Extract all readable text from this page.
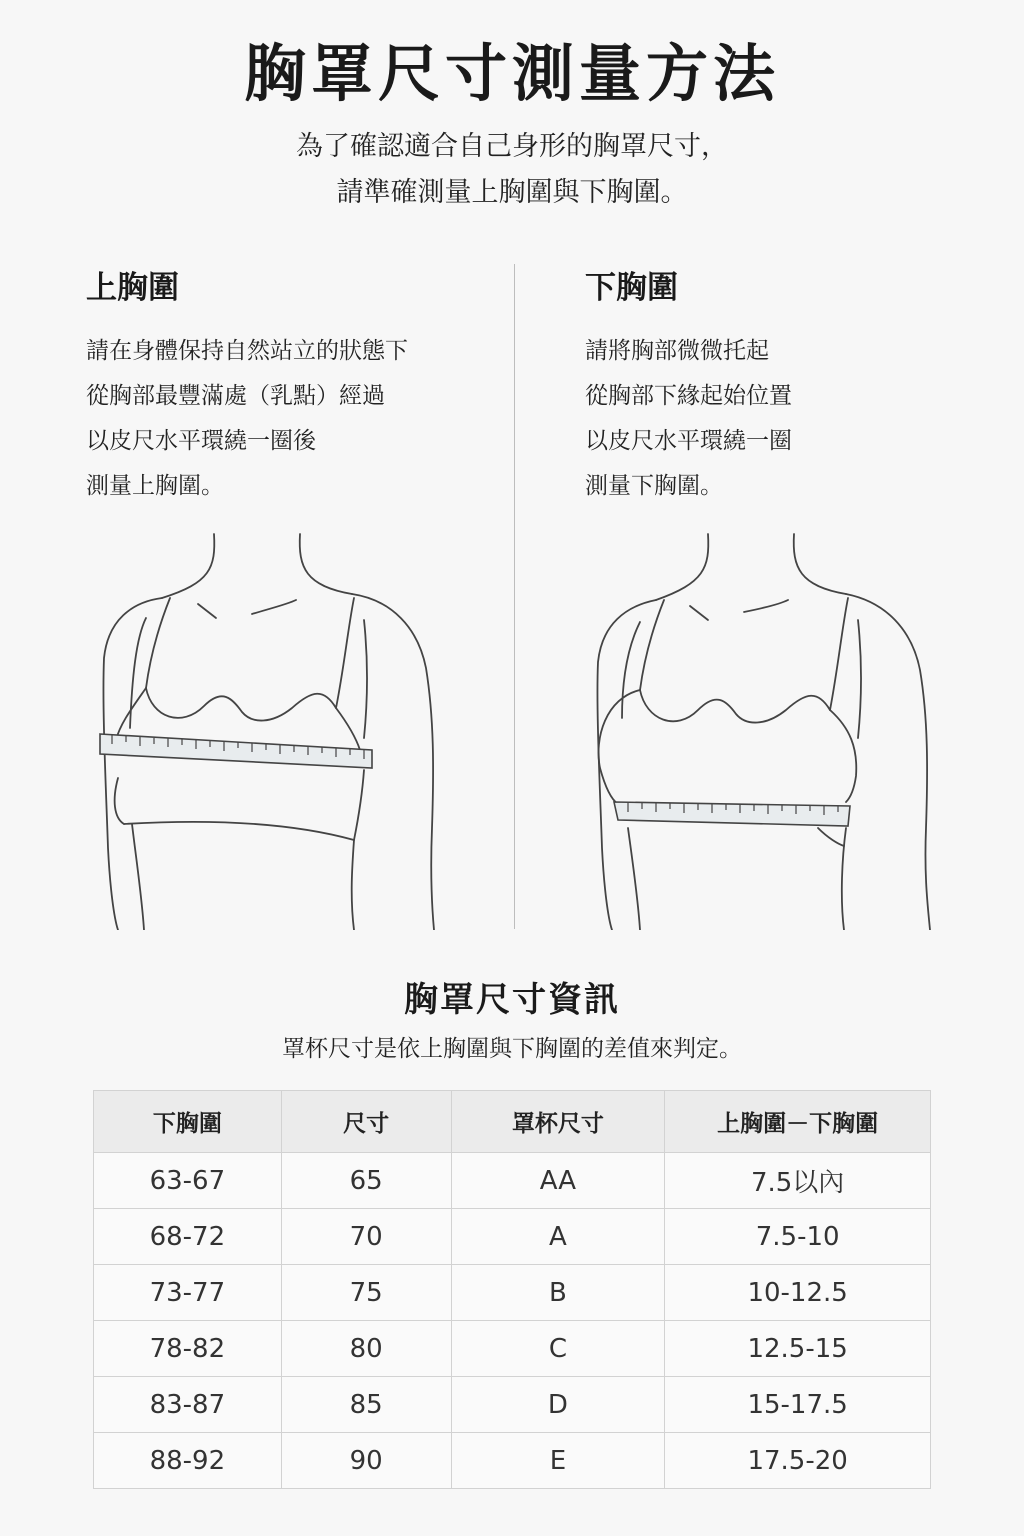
胸罩尺寸測量方法
為了確認適合自己身形的胸罩尺寸，
請準確測量上胸圍與下胸圍。
上胸圍

請在身體保持自然站立的狀態下

從胸部最豐滿處（乳點）經過

以皮尺水平環繞一圈後

測量上胸圍。

下胸圍

請將胸部微微托起

從胸部下緣起始位置

以皮尺水平環繞一圈

測量下胸圍。

胸罩尺寸資訊
罩杯尺寸是依上胸圍與下胸圍的差值來判定。
下胸圍	尺寸	罩杯尺寸	上胸圍－下胸圍
63-67	65	AA	7.5以內
68-72	70	A	7.5-10
73-77	75	B	10-12.5
78-82	80	C	12.5-15
83-87	85	D	15-17.5
88-92	90	E	17.5-20
